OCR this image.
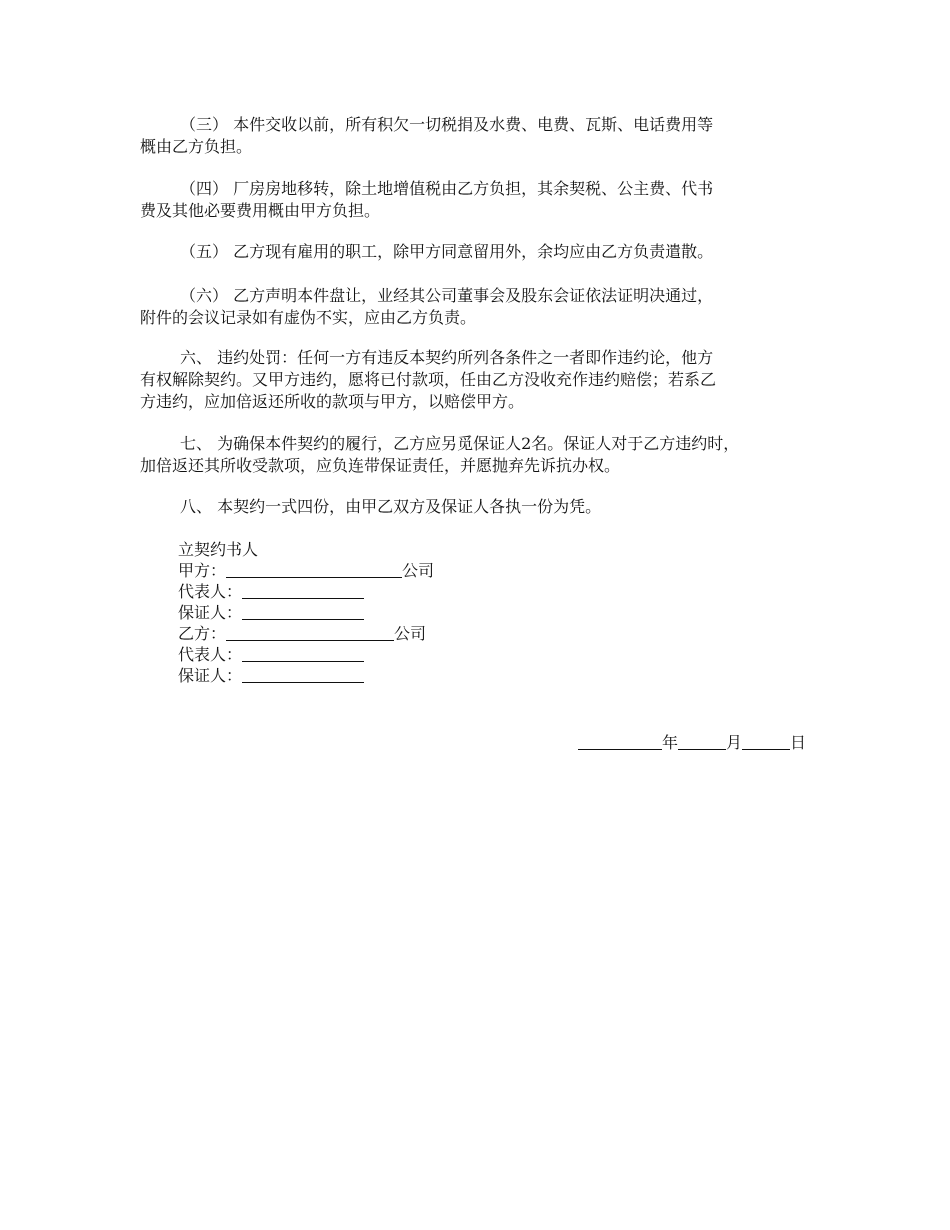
（三） 本件交收以前，所有积欠一切税捐及水费、电费、瓦斯、电话费用等
概由乙方负担。
（四） 厂房房地移转，除土地增值税由乙方负担，其余契税、公主费、代书
费及其他必要费用概由甲方负担。
（五） 乙方现有雇用的职工，除甲方同意留用外，余均应由乙方负责遣散。
（六） 乙方声明本件盘让，业经其公司董事会及股东会证依法证明决通过，
附件的会议记录如有虚伪不实，应由乙方负责。
六、 违约处罚：任何一方有违反本契约所列各条件之一者即作违约论，他方
有权解除契约。又甲方违约，愿将已付款项，任由乙方没收充作违约赔偿；若系乙
方违约，应加倍返还所收的款项与甲方，以赔偿甲方。
七、 为确保本件契约的履行，乙方应另觅保证人2名。保证人对于乙方违约时，
加倍返还其所收受款项，应负连带保证责任，并愿抛弃先诉抗办权。
八、 本契约一式四份，由甲乙双方及保证人各执一份为凭。
立契约书人
甲方：	公司
代表人：
保证人：
乙方：	公司
代表人：
保证人：
年	月	日
